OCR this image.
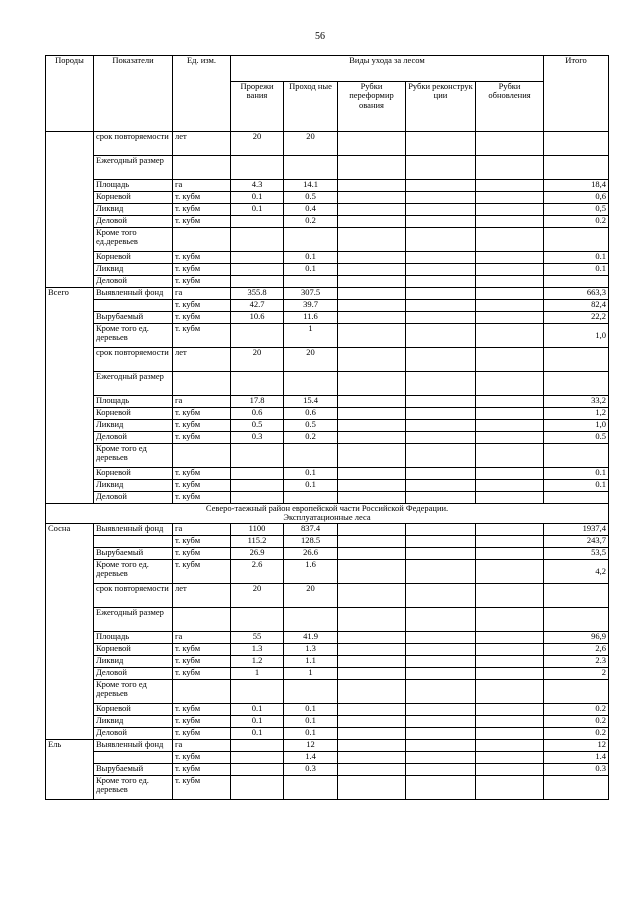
56
Породы	Показатели	Ед. изм.	Виды ухода за лесом					Итого
			Прорежи вания	Проход ные	Рубки переформир ования	Рубки реконструк ции	Рубки обновления	
	срок повторяемости	лет	20	20				
	Ежегодный размер							
	Площадь	га	4.3	14.1				18,4
	Корневой	т. кубм	0.1	0.5				0,6
	Ликвид	т. кубм	0.1	0.4				0,5
	Деловой	т. кубм		0.2				0.2
	Кроме того ед.деревьев							
	Корневой	т. кубм		0.1				0.1
	Ликвид	т. кубм		0.1				0.1
	Деловой	т. кубм						
Всего	Выявленный фонд	га	355.8	307.5				663,3
		т. кубм	42.7	39.7				82,4
	Вырубаемый	т. кубм	10.6	11.6				22,2
	Кроме того ед. деревьев	т. кубм		1				1,0
	срок повторяемости	лет	20	20				
	Ежегодный размер							
	Площадь	га	17.8	15.4				33,2
	Корневой	т. кубм	0.6	0.6				1,2
	Ликвид	т. кубм	0.5	0.5				1,0
	Деловой	т. кубм	0.3	0.2				0.5
	Кроме того ед деревьев							
	Корневой	т. кубм		0.1				0.1
	Ликвид	т. кубм		0.1				0.1
	Деловой	т. кубм						

Северо-таежный район европейской части Российской Федерации.
Эксплуатационные леса								

Сосна	Выявленный фонд	га	1100	837.4				1937,4
		т. кубм	115.2	128.5				243,7
	Вырубаемый	т. кубм	26.9	26.6				53,5
	Кроме того ед. деревьев	т. кубм	2.6	1.6				4,2
	срок повторяемости	лет	20	20				
	Ежегодный размер							
	Площадь	га	55	41.9				96,9
	Корневой	т. кубм	1.3	1.3				2,6
	Ликвид	т. кубм	1.2	1.1				2.3
	Деловой	т. кубм	1	1				2
	Кроме того ед деревьев							
	Корневой	т. кубм	0.1	0.1				0.2
	Ликвид	т. кубм	0.1	0.1				0.2
	Деловой	т. кубм	0.1	0.1				0.2
Ель	Выявленный фонд	га		12				12
		т. кубм		1.4				1.4
	Вырубаемый	т. кубм		0.3				0.3
	Кроме того ед. деревьев	т. кубм						
